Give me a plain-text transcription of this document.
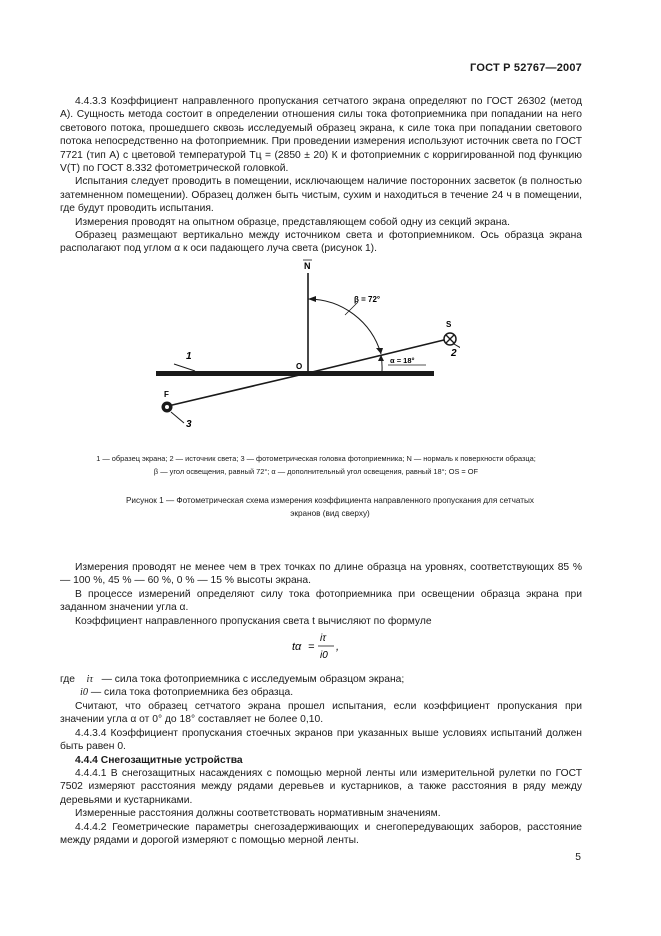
ГОСТ Р 52767—2007

4.4.3.3 Коэффициент направленного пропускания сетчатого экрана определяют по ГОСТ 26302 (метод А). Сущность метода состоит в определении отношения силы тока фотоприемника при попадании на него светового потока, прошедшего сквозь исследуемый образец экрана, к силе тока при попадании светового потока непосредственно на фотоприемник. При проведении измерения используют источник света по ГОСТ 7721 (тип А) с цветовой температурой Tц = (2850 ± 20) К и фотоприемник с корригированной под функцию V(T) по ГОСТ 8.332 фотометрической головкой.

Испытания следует проводить в помещении, исключающем наличие посторонних засветок (в полностью затемненном помещении). Образец должен быть чистым, сухим и находиться в течение 24 ч в помещении, где будут проводить испытания.

Измерения проводят на опытном образце, представляющем собой одну из секций экрана.

Образец размещают вертикально между источником света и фотоприемником. Ось образца экрана располагают под углом α к оси падающего луча света (рисунок 1).

N
β = 72°
α = 18°
S
F
O
1	2
3
1 — образец экрана; 2 — источник света; 3 — фотометрическая головка фотоприемника; N — нормаль к поверхности образца;
β — угол освещения, равный 72°; α — дополнительный угол освещения, равный 18°; OS = OF
Рисунок 1 — Фотометрическая схема измерения коэффициента направленного пропускания для сетчатых
экранов (вид сверху)

Измерения проводят не менее чем в трех точках по длине образца на уровнях, соответствующих 85 % — 100 %, 45 % — 60 %, 0 % — 15 % высоты экрана.

В процессе измерений определяют силу тока фотоприемника при освещении образца экрана при заданном значении угла α.

Коэффициент направленного пропускания света t вычисляют по формуле

tα =
iτ
i0
,
где iτ — сила тока фотоприемника с исследуемым образцом экрана;
i0 — сила тока фотоприемника без образца.

Считают, что образец сетчатого экрана прошел испытания, если коэффициент пропускания при значении угла α от 0° до 18° составляет не более 0,10.

4.4.3.4 Коэффициент пропускания стоечных экранов при указанных выше условиях испытаний должен быть равен 0.

4.4.4 Снегозащитные устройства

4.4.4.1 В снегозащитных насаждениях с помощью мерной ленты или измерительной рулетки по ГОСТ 7502 измеряют расстояния между рядами деревьев и кустарников, а также расстояния в ряду между деревьями и кустарниками.

Измеренные расстояния должны соответствовать нормативным значениям.

4.4.4.2 Геометрические параметры снегозадерживающих и снегопередувающих заборов, расстояние между рядами и дорогой измеряют с помощью мерной ленты.

5
